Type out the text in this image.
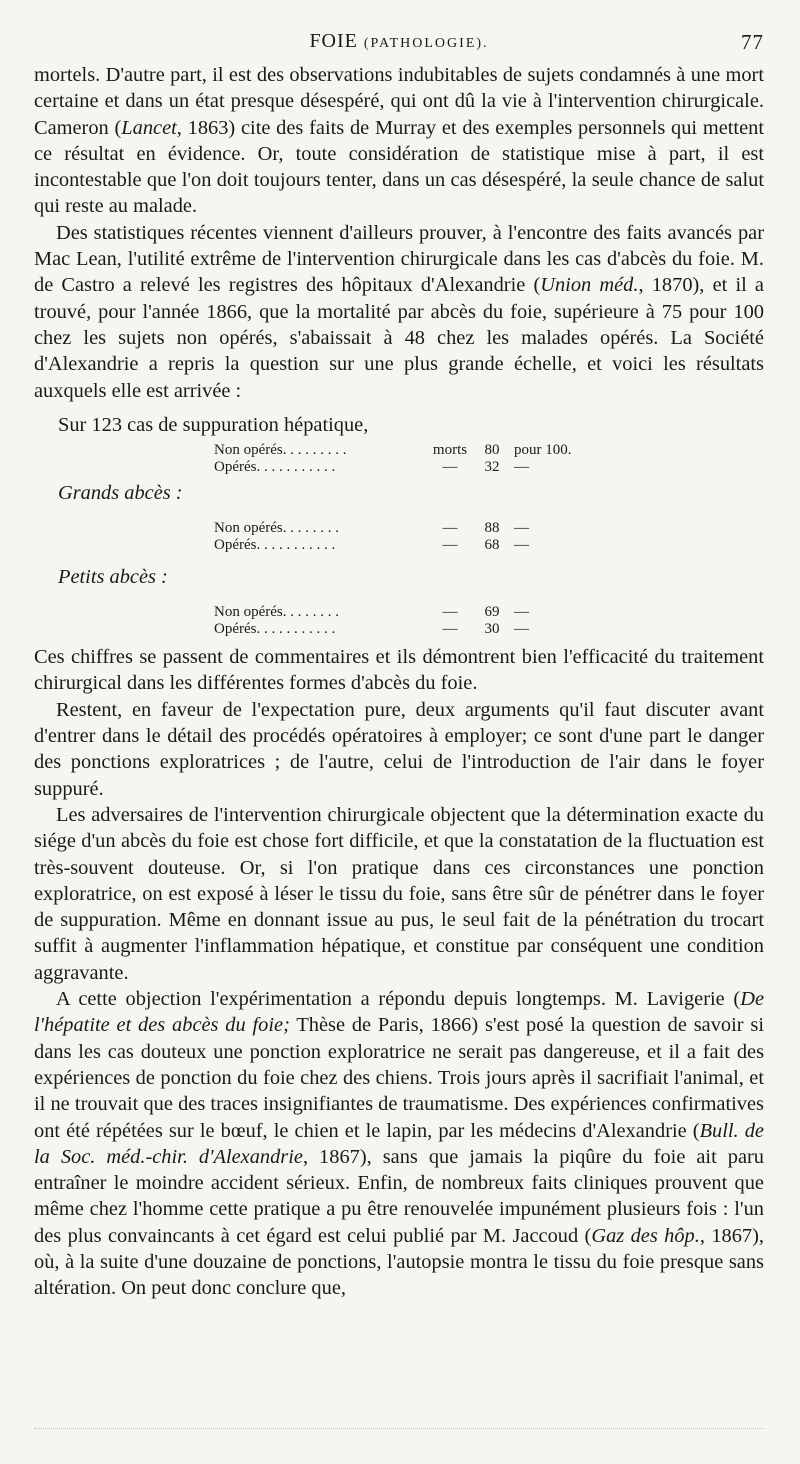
FOIE (PATHOLOGIE).	77

mortels. D'autre part, il est des observations indubitables de sujets condamnés à une mort certaine et dans un état presque désespéré, qui ont dû la vie à l'intervention chirurgicale. Cameron (Lancet, 1863) cite des faits de Murray et des exemples personnels qui mettent ce résultat en évidence. Or, toute considération de statistique mise à part, il est incontestable que l'on doit toujours tenter, dans un cas désespéré, la seule chance de salut qui reste au malade.

Des statistiques récentes viennent d'ailleurs prouver, à l'encontre des faits avancés par Mac Lean, l'utilité extrême de l'intervention chirurgicale dans les cas d'abcès du foie. M. de Castro a relevé les registres des hôpitaux d'Alexandrie (Union méd., 1870), et il a trouvé, pour l'année 1866, que la mortalité par abcès du foie, supérieure à 75 pour 100 chez les sujets non opérés, s'abaissait à 48 chez les malades opérés. La Société d'Alexandrie a repris la question sur une plus grande échelle, et voici les résultats auxquels elle est arrivée :

Sur 123 cas de suppuration hépatique,
Non opérés. . . . . . . . .	morts	80	pour 100.
Opérés. . . . . . . . . . .	—	32	—
Grands abcès :
Non opérés. . . . . . . .	—	88	—
Opérés. . . . . . . . . . .	—	68	—
Petits abcès :
Non opérés. . . . . . . .	—	69	—
Opérés. . . . . . . . . . .	—	30	—

Ces chiffres se passent de commentaires et ils démontrent bien l'efficacité du traitement chirurgical dans les différentes formes d'abcès du foie.

Restent, en faveur de l'expectation pure, deux arguments qu'il faut discuter avant d'entrer dans le détail des procédés opératoires à employer; ce sont d'une part le danger des ponctions exploratrices ; de l'autre, celui de l'introduction de l'air dans le foyer suppuré.

Les adversaires de l'intervention chirurgicale objectent que la détermination exacte du siége d'un abcès du foie est chose fort difficile, et que la constatation de la fluctuation est très-souvent douteuse. Or, si l'on pratique dans ces circonstances une ponction exploratrice, on est exposé à léser le tissu du foie, sans être sûr de pénétrer dans le foyer de suppuration. Même en donnant issue au pus, le seul fait de la pénétration du trocart suffit à augmenter l'inflammation hépatique, et constitue par conséquent une condition aggravante.

A cette objection l'expérimentation a répondu depuis longtemps. M. Lavigerie (De l'hépatite et des abcès du foie; Thèse de Paris, 1866) s'est posé la question de savoir si dans les cas douteux une ponction exploratrice ne serait pas dangereuse, et il a fait des expériences de ponction du foie chez des chiens. Trois jours après il sacrifiait l'animal, et il ne trouvait que des traces insignifiantes de traumatisme. Des expériences confirmatives ont été répétées sur le bœuf, le chien et le lapin, par les médecins d'Alexandrie (Bull. de la Soc. méd.-chir. d'Alexandrie, 1867), sans que jamais la piqûre du foie ait paru entraîner le moindre accident sérieux. Enfin, de nombreux faits cliniques prouvent que même chez l'homme cette pratique a pu être renouvelée impunément plusieurs fois : l'un des plus convaincants à cet égard est celui publié par M. Jaccoud (Gaz des hôp., 1867), où, à la suite d'une douzaine de ponctions, l'autopsie montra le tissu du foie presque sans altération. On peut donc conclure que,
